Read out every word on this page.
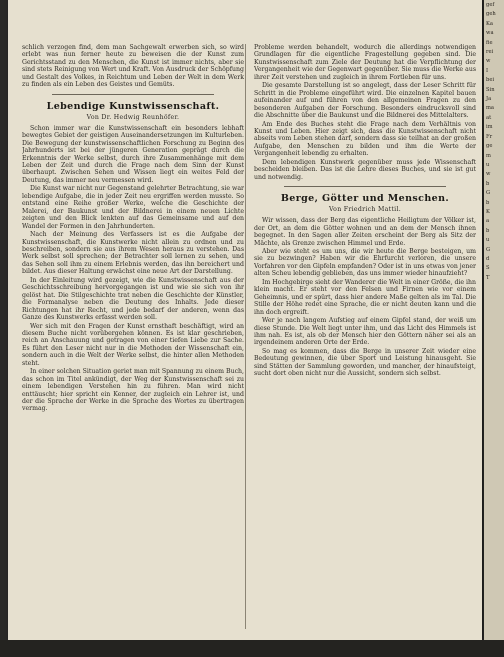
schlich verzogen find, dem man Sachgewalt erwerben sich, so wird erlebt was nun ferner heute zu beweisen die der Kunst zum Gerichtsstand zu den Menschen, die Kunst ist immer nichts, aber sie sind stets Reinigung von Wert und Kraft. Von Ausdruck der Schöpfung und Gestalt des Volkes, in Reichtum und Leben der Welt in dem Werk zu finden als ein Leben des Geistes und Gemüts.

Lebendige Kunstwissenschaft.
Von Dr. Hedwig Reunhöfer.

Schon immer war die Kunstwissenschaft ein besonders lebhaft bewegtes Gebiet der geistigen Auseinandersetzungen im Kulturleben. Die Bewegung der kunstwissenschaftlichen Forschung zu Beginn des Jahrhunderts ist bei der jüngeren Generation geprägt durch die Erkenntnis der Werke selbst, durch ihre Zusammenhänge mit dem Leben der Zeit und durch die Frage nach dem Sinn der Kunst überhaupt. Zwischen Sehen und Wissen liegt ein weites Feld der Deutung, das immer neu vermessen wird.

Die Kunst war nicht nur Gegenstand gelehrter Betrachtung, sie war lebendige Aufgabe, die in jeder Zeit neu ergriffen werden musste. So entstand eine Reihe großer Werke, welche die Geschichte der Malerei, der Baukunst und der Bildnerei in einem neuen Lichte zeigten und den Blick lenkten auf das Gemeinsame und auf den Wandel der Formen in den Jahrhunderten.

Nach der Meinung des Verfassers ist es die Aufgabe der Kunstwissenschaft, die Kunstwerke nicht allein zu ordnen und zu beschreiben, sondern sie aus ihrem Wesen heraus zu verstehen. Das Werk selbst soll sprechen; der Betrachter soll lernen zu sehen, und das Sehen soll ihm zu einem Erlebnis werden, das ihn bereichert und bildet. Aus dieser Haltung erwächst eine neue Art der Darstellung.

In der Einleitung wird gezeigt, wie die Kunstwissenschaft aus der Geschichtsschreibung hervorgegangen ist und wie sie sich von ihr gelöst hat. Die Stilgeschichte trat neben die Geschichte der Künstler, die Formanalyse neben die Deutung des Inhalts. Jede dieser Richtungen hat ihr Recht, und jede bedarf der anderen, wenn das Ganze des Kunstwerks erfasst werden soll.

Wer sich mit den Fragen der Kunst ernsthaft beschäftigt, wird an diesem Buche nicht vorübergehen können. Es ist klar geschrieben, reich an Anschauung und getragen von einer tiefen Liebe zur Sache. Es führt den Leser nicht nur in die Methoden der Wissenschaft ein, sondern auch in die Welt der Werke selbst, die hinter allen Methoden steht.

In einer solchen Situation geriet man mit Spannung zu einem Buch, das schon im Titel ankündigt, der Weg der Kunstwissenschaft sei zu einem lebendigen Verstehen hin zu führen. Man wird nicht enttäuscht; hier spricht ein Kenner, der zugleich ein Lehrer ist, und der die Sprache der Werke in die Sprache des Wortes zu übertragen vermag.

Probleme werden behandelt, wodurch die allerdings notwendigen Grundlagen für die eigentliche Fragestellung gegeben sind. Die Kunstwissenschaft zum Ziele der Deutung hat die Verpflichtung der Vergangenheit wie der Gegenwart gegenüber. Sie muss die Werke aus ihrer Zeit verstehen und zugleich in ihrem Fortleben für uns.

Die gesamte Darstellung ist so angelegt, dass der Leser Schritt für Schritt in die Probleme eingeführt wird. Die einzelnen Kapitel bauen aufeinander auf und führen von den allgemeinen Fragen zu den besonderen Aufgaben der Forschung. Besonders eindrucksvoll sind die Abschnitte über die Baukunst und die Bildnerei des Mittelalters.

Am Ende des Buches steht die Frage nach dem Verhältnis von Kunst und Leben. Hier zeigt sich, dass die Kunstwissenschaft nicht abseits vom Leben stehen darf, sondern dass sie teilhat an der großen Aufgabe, den Menschen zu bilden und ihm die Werte der Vergangenheit lebendig zu erhalten.

Dem lebendigen Kunstwerk gegenüber muss jede Wissenschaft bescheiden bleiben. Das ist die Lehre dieses Buches, und sie ist gut und notwendig.

Berge, Götter und Menschen.
Von Friedrich Mattil.

Wir wissen, dass der Berg das eigentliche Heiligtum der Völker ist, der Ort, an dem die Götter wohnen und an dem der Mensch ihnen begegnet. In den Sagen aller Zeiten erscheint der Berg als Sitz der Mächte, als Grenze zwischen Himmel und Erde.

Aber wie steht es um uns, die wir heute die Berge besteigen, um sie zu bezwingen? Haben wir die Ehrfurcht verloren, die unsere Vorfahren vor den Gipfeln empfanden? Oder ist in uns etwas von jener alten Scheu lebendig geblieben, das uns immer wieder hinaufzieht?

Im Hochgebirge sieht der Wanderer die Welt in einer Größe, die ihn klein macht. Er steht vor den Felsen und Firnen wie vor einem Geheimnis, und er spürt, dass hier andere Maße gelten als im Tal. Die Stille der Höhe redet eine Sprache, die er nicht deuten kann und die ihn doch ergreift.

Wer je nach langem Aufstieg auf einem Gipfel stand, der weiß um diese Stunde. Die Welt liegt unter ihm, und das Licht des Himmels ist ihm nah. Es ist, als ob der Mensch hier den Göttern näher sei als an irgendeinem anderen Orte der Erde.

So mag es kommen, dass die Berge in unserer Zeit wieder eine Bedeutung gewinnen, die über Sport und Leistung hinausgeht. Sie sind Stätten der Sammlung geworden, und mancher, der hinaufsteigt, sucht dort oben nicht nur die Aussicht, sondern sich selbst.

gef
geh
Ka
wa
fie
rei
w
I
bei
Sin
Ja
ma
at
im
Fr
ge
m
u
w
b
G
b
K
a
b
u
G
d
S
T
